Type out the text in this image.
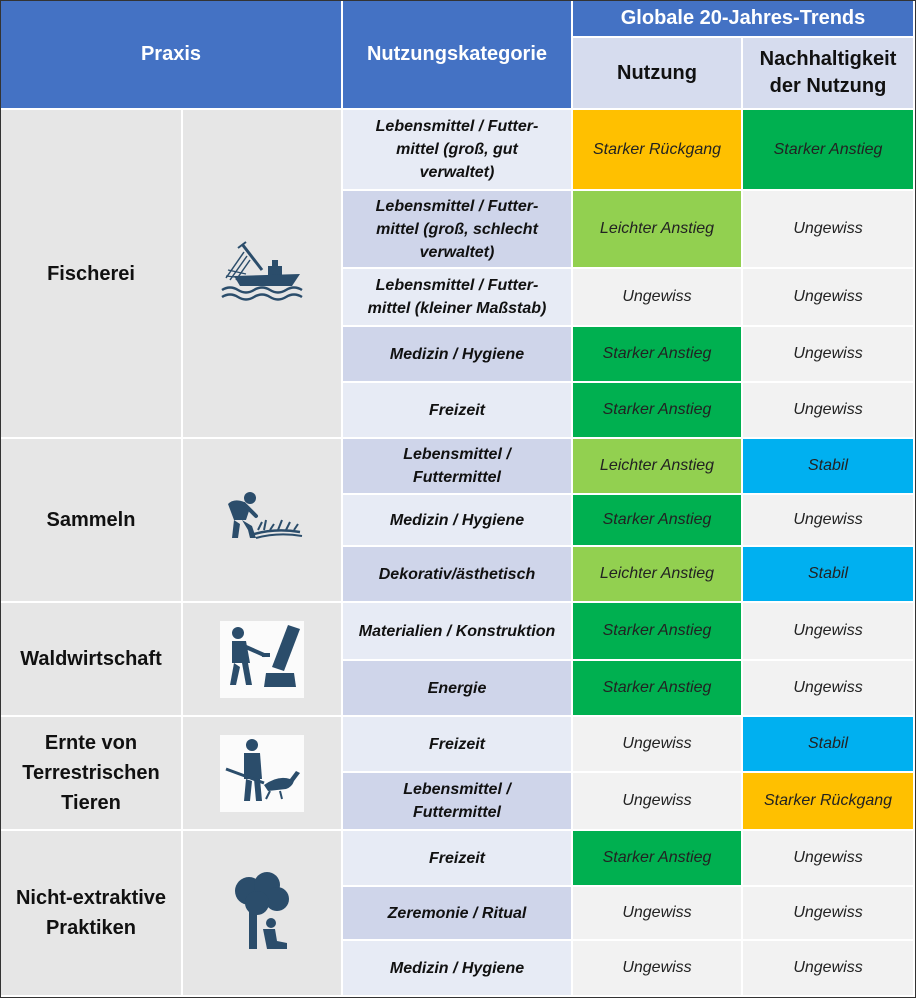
Praxis		Nutzungskategorie	Globale 20-Jahres-Trends	
			Nutzung	Nachhaltigkeit
der Nutzung

Fischerei		Lebensmittel / Futter-mittel (groß, gut verwaltet)	Starker Rückgang	Starker Anstieg
		Lebensmittel / Futter-mittel (groß, schlecht verwaltet)	Leichter Anstieg	Ungewiss
		Lebensmittel / Futter-mittel (kleiner Maßstab)	Ungewiss	Ungewiss
		Medizin / Hygiene	Starker Anstieg	Ungewiss
		Freizeit	Starker Anstieg	Ungewiss
Sammeln		Lebensmittel / Futtermittel	Leichter Anstieg	Stabil
		Medizin / Hygiene	Starker Anstieg	Ungewiss
		Dekorativ/ästhetisch	Leichter Anstieg	Stabil
Waldwirtschaft		Materialien / Konstruktion	Starker Anstieg	Ungewiss
		Energie	Starker Anstieg	Ungewiss
Ernte von Terrestrischen Tieren		Freizeit	Ungewiss	Stabil
		Lebensmittel / Futtermittel	Ungewiss	Starker Rückgang
Nicht-extraktive Praktiken		Freizeit	Starker Anstieg	Ungewiss
		Zeremonie / Ritual	Ungewiss	Ungewiss
		Medizin / Hygiene	Ungewiss	Ungewiss
